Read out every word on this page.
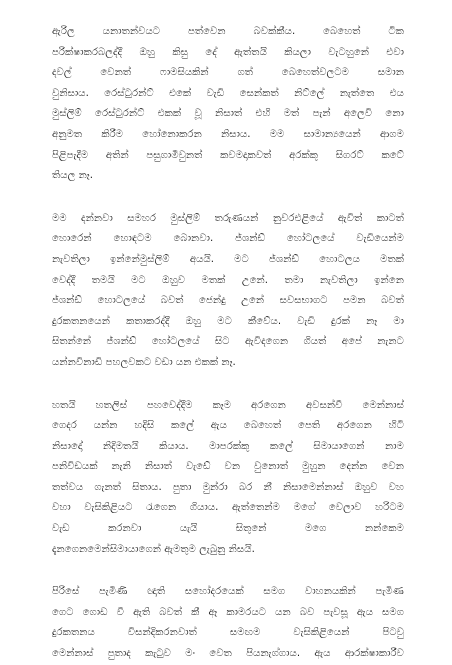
ඇරිල යනාතන්වයට පත්වෙන බවක්කීය. බෙහෙත් ටික
පරික්ෂාකරබලද්දී ඔහු කිසු දේ ඇත්තයි කියලා වැටහුනේ එවා
දවල් වෙනත් ෆාමසියකින් ගත් බෙහෙත්වලටම සමාන
වුනිසාය. රෙස්ටුරන්ට් එකේ වැඩි සෙන්කත් නිට්ලේ නැත්තෙ එය
මුස්ලිම් රෙස්ටුරන්ට් එකක් වූ නිසාත් එහි මත් පැන් අලෙවි නො
අනුමත කිරීම හෝනොකරන නිසාය. මම සාමාන්‍යයෙන් ආගම
පිළිපැදීම අතින් පසුගාමීවුනත් කවමදාකවත් අරක්කු සිගරට් කටේ
තියල නෑ.
මම දන්නවා සමහර මුස්ලිම් තරුණයන් නුවරඑළියේ ඇවිත් කාටත්
හොරෙන් හොඳටම බොනවා. ජ්ශන්ඩ් හෝටලයේ වැඩියෙන්ම
නැවතිලා ඉන්නේමුස්ලිම් අයයි. මට ජ්ශන්ඩ් හොටලය මතක්
වෙද්දී තමයි මට ඔහුව මතක් උනේ. තමා නැවතිලා ඉන්නෙ
ජ්ශන්ඩ් හොටලයේ බවත් ජෙන්දු උනේ සවසභාගට පමන බවත්
දුරකතනයෙන් කතාකරද්දී ඔහු මට කීවේය. වැඩි දුරක් නෑ මා
සිතන්නේ ජ්ශන්ඩ් හෝටලයේ සිට ඇවිදගෙන ගියත් අපේ නැනට
යන්නවිනාඩි පහලවකට වඩා යන එකක් නෑ.
හතයි හතලිස් පහවෙද්දීම කෑම අරගෙන අවසන්වී මෙන්නාස්
ගෙදර යන්න හදිසි කලේ ඇය බෙහෙත් පෙති අරගෙන හිටි
නිසාදෝ නිදිමතයි කියාය. මාපරක්කු කලේ සිමායාගෙන් නාම
පනිවිඩයක් නැනි නිසාත් වැඩේ වන වුනොත් මුහුන දෙන්න වෙන
තත්වය ගැනත් සිතාය. පුතා මුන්රා බර නී නිසාමෙන්නාස් ඔහුව වහ
වහා වැසිකිළියට රැගෙන ගියාය. ඇත්තෙන්ම මගේ වෙලාව හරිටම
වැඩ කරනවා යැයි සිතුනේ මගෙ නන්කෙම
දැනගෙනමෙන්සිමායාගෙන් ඇමතුම ලැබුනු නිසයි.
පිරිසේ පැමිණි ඥාති සහෝදරයෙක් සමග වාහනයකින් පැමිණ
ගෙට ගොඩ වී ඇති බවත් කී ඈ කාමරයට යන බව පැවසූ ඇය සමග
දුරකතනය විසන්දිකරනවාත් සමඟම වැසිකිළියෙන් පිටවු
මෙන්නාස් පුතාද කැටුව මං වෙත පියනැග්ගාය. ඇය ආරක්ෂාකාරීව
